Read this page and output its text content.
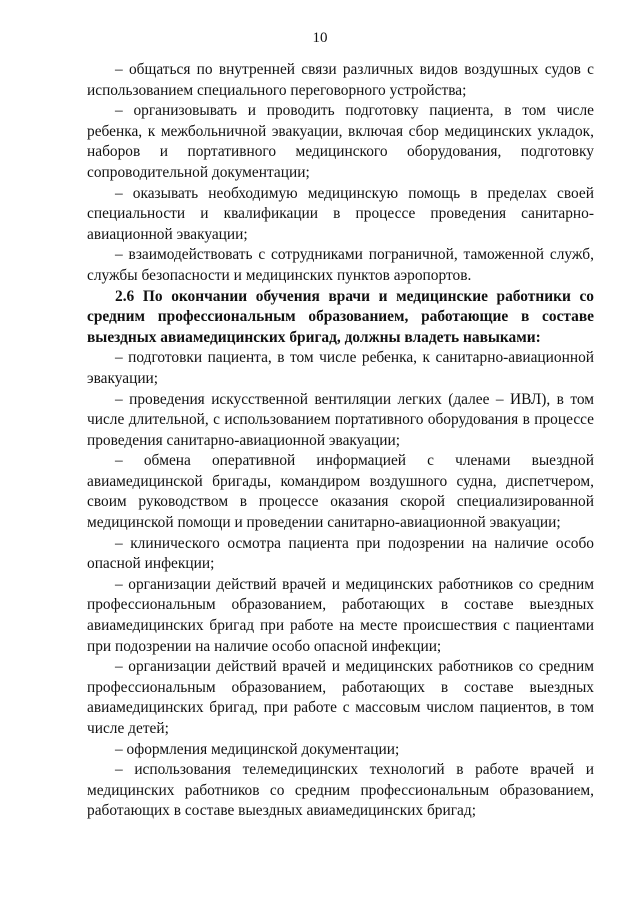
10

– общаться по внутренней связи различных видов воздушных судов с использованием специального переговорного устройства;

– организовывать и проводить подготовку пациента, в том числе ребенка, к межбольничной эвакуации, включая сбор медицинских укладок, наборов и портативного медицинского оборудования, подготовку сопроводительной документации;

– оказывать необходимую медицинскую помощь в пределах своей специальности и квалификации в процессе проведения санитарно-авиационной эвакуации;

– взаимодействовать с сотрудниками пограничной, таможенной служб, службы безопасности и медицинских пунктов аэропортов.

2.6 По окончании обучения врачи и медицинские работники со средним профессиональным образованием, работающие в составе выездных авиамедицинских бригад, должны владеть навыками:

– подготовки пациента, в том числе ребенка, к санитарно-авиационной эвакуации;

– проведения искусственной вентиляции легких (далее – ИВЛ), в том числе длительной, с использованием портативного оборудования в процессе проведения санитарно-авиационной эвакуации;

– обмена оперативной информацией с членами выездной авиамедицинской бригады, командиром воздушного судна, диспетчером, своим руководством в процессе оказания скорой специализированной медицинской помощи и проведении санитарно-авиационной эвакуации;

– клинического осмотра пациента при подозрении на наличие особо опасной инфекции;

– организации действий врачей и медицинских работников со средним профессиональным образованием, работающих в составе выездных авиамедицинских бригад при работе на месте происшествия с пациентами при подозрении на наличие особо опасной инфекции;

– организации действий врачей и медицинских работников со средним профессиональным образованием, работающих в составе выездных авиамедицинских бригад, при работе с массовым числом пациентов, в том числе детей;

– оформления медицинской документации;

– использования телемедицинских технологий в работе врачей и медицинских работников со средним профессиональным образованием, работающих в составе выездных авиамедицинских бригад;
